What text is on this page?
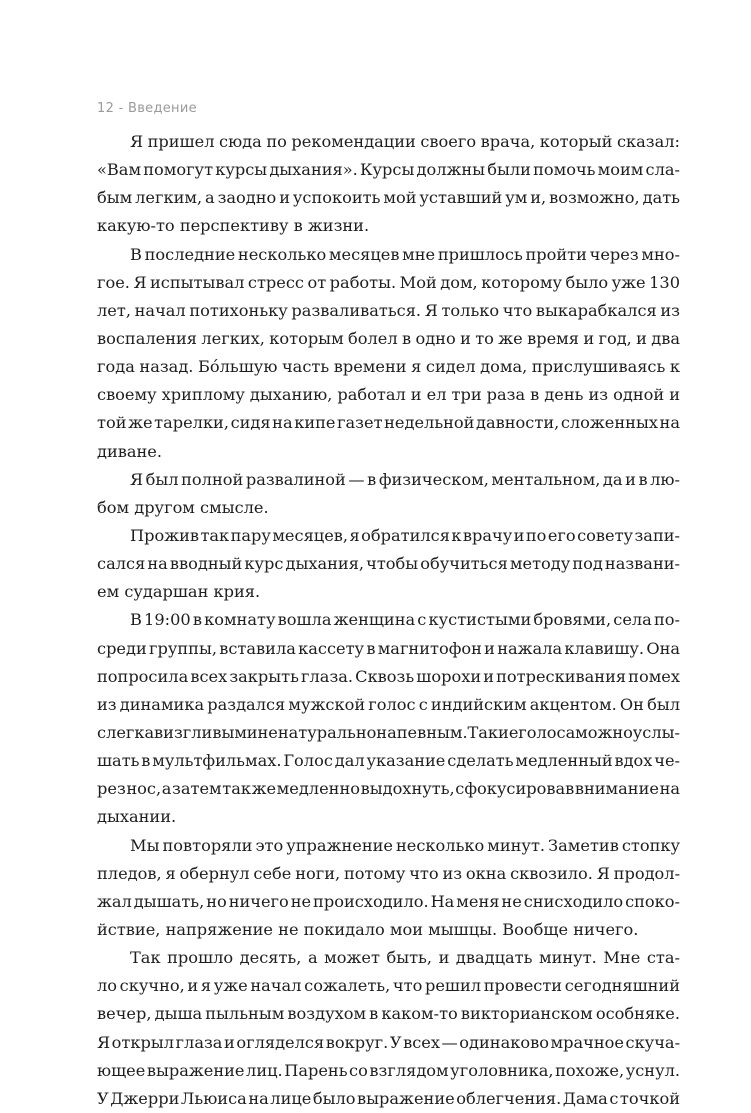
12 - Введение
Я пришел сюда по рекомендации своего врача, который сказал:
«Вам помогут курсы дыхания». Курсы должны были помочь моим сла-
бым легким, а заодно и успокоить мой уставший ум и, возможно, дать
какую-то перспективу в жизни.
В последние несколько месяцев мне пришлось пройти через мно-
гое. Я испытывал стресс от работы. Мой дом, которому было уже 130
лет, начал потихоньку разваливаться. Я только что выкарабкался из
воспаления легких, которым болел в одно и то же время и год, и два
года назад. Бо́льшую часть времени я сидел дома, прислушиваясь к
своему хриплому дыханию, работал и ел три раза в день из одной и
той же тарелки, сидя на кипе газет недельной давности, сложенных на
диване.
Я был полной развалиной — в физическом, ментальном, да и в лю-
бом другом смысле.
Прожив так пару месяцев, я обратился к врачу и по его совету запи-
сался на вводный курс дыхания, чтобы обучиться методу под названи-
ем сударшан крия.
В 19:00 в комнату вошла женщина с кустистыми бровями, села по-
среди группы, вставила кассету в магнитофон и нажала клавишу. Она
попросила всех закрыть глаза. Сквозь шорохи и потрескивания помех
из динамика раздался мужской голос с индийским акцентом. Он был
слегка визгливым и ненатурально напевным. Такие голоса можно услы-
шать в мультфильмах. Голос дал указание сделать медленный вдох че-
рез нос, а затем так же медленно выдохнуть, сфокусировав внимание на
дыхании.
Мы повторяли это упражнение несколько минут. Заметив стопку
пледов, я обернул себе ноги, потому что из окна сквозило. Я продол-
жал дышать, но ничего не происходило. На меня не снисходило споко-
йствие, напряжение не покидало мои мышцы. Вообще ничего.
Так прошло десять, а может быть, и двадцать минут. Мне ста-
ло скучно, и я уже начал сожалеть, что решил провести сегодняшний
вечер, дыша пыльным воздухом в каком-то викторианском особняке.
Я открыл глаза и огляделся вокруг. У всех — одинаково мрачное скуча-
ющее выражение лиц. Парень со взглядом уголовника, похоже, уснул.
У Джерри Льюиса на лице было выражение облегчения. Дама с точкой
